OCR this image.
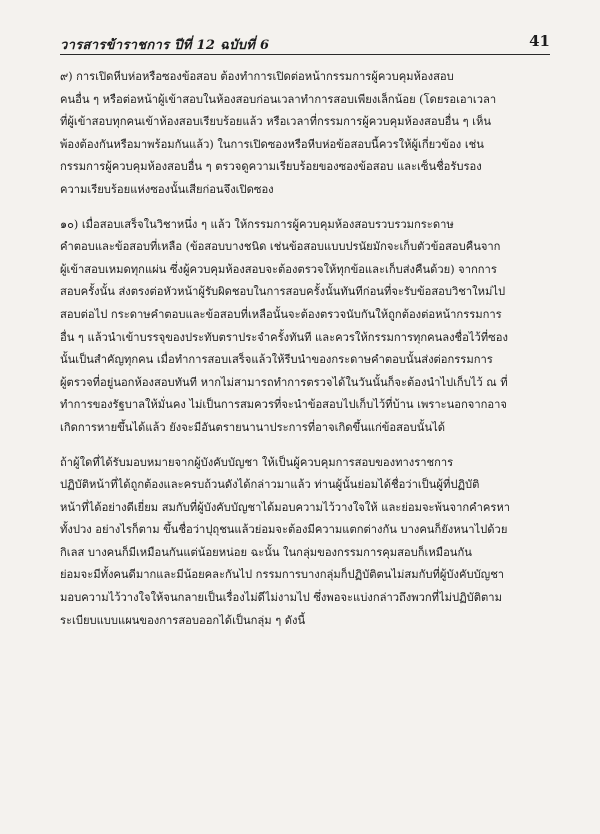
วารสารข้าราชการ ปีที่ 12 ฉบับที่ 6	41
๙) การเปิดหีบห่อหรือซองข้อสอบ ต้องทำการเปิดต่อหน้ากรรมการผู้ควบคุมห้องสอบ
คนอื่น ๆ หรือต่อหน้าผู้เข้าสอบในห้องสอบก่อนเวลาทำการสอบเพียงเล็กน้อย (โดยรอเอาเวลา
ที่ผู้เข้าสอบทุกคนเข้าห้องสอบเรียบร้อยแล้ว หรือเวลาที่กรรมการผู้ควบคุมห้องสอบอื่น ๆ เห็น
พ้องต้องกันหรือมาพร้อมกันแล้ว) ในการเปิดซองหรือหีบห่อข้อสอบนี้ควรให้ผู้เกี่ยวข้อง เช่น
กรรมการผู้ควบคุมห้องสอบอื่น ๆ ตรวจดูความเรียบร้อยของซองข้อสอบ และเซ็นชื่อรับรอง
ความเรียบร้อยแห่งซองนั้นเสียก่อนจึงเปิดซอง
๑๐) เมื่อสอบเสร็จในวิชาหนึ่ง ๆ แล้ว ให้กรรมการผู้ควบคุมห้องสอบรวบรวมกระดาษ
คำตอบและข้อสอบที่เหลือ (ข้อสอบบางชนิด เช่นข้อสอบแบบปรนัยมักจะเก็บตัวข้อสอบคืนจาก
ผู้เข้าสอบเหมดทุกแผ่น ซึ่งผู้ควบคุมห้องสอบจะต้องตรวจให้ทุกข้อและเก็บส่งคืนด้วย) จากการ
สอบครั้งนั้น ส่งตรงต่อหัวหน้าผู้รับผิดชอบในการสอบครั้งนั้นทันทีก่อนที่จะรับข้อสอบวิชาใหม่ไป
สอบต่อไป กระดาษคำตอบและข้อสอบที่เหลือนั้นจะต้องตรวจนับกันให้ถูกต้องต่อหน้ากรรมการ
อื่น ๆ แล้วนำเข้าบรรจุของประทับตราประจำครั้งทันที และควรให้กรรมการทุกคนลงชื่อไว้ที่ซอง
นั้นเป็นสำคัญทุกคน เมื่อทำการสอบเสร็จแล้วให้รีบนำของกระดาษคำตอบนั้นส่งต่อกรรมการ
ผู้ตรวจที่อยู่นอกห้องสอบทันที หากไม่สามารถทำการตรวจได้ในวันนั้นก็จะต้องนำไปเก็บไว้ ณ ที่
ทำการของรัฐบาลให้มั่นคง ไม่เป็นการสมควรที่จะนำข้อสอบไปเก็บไว้ที่บ้าน เพราะนอกจากอาจ
เกิดการหายขึ้นได้แล้ว ยังจะมีอันตรายนานาประการที่อาจเกิดขึ้นแก่ข้อสอบนั้นได้
ถ้าผู้ใดที่ได้รับมอบหมายจากผู้บังคับบัญชา ให้เป็นผู้ควบคุมการสอบของทางราชการ
ปฏิบัติหน้าที่ได้ถูกต้องและครบถ้วนดังได้กล่าวมาแล้ว ท่านผู้นั้นย่อมได้ชื่อว่าเป็นผู้ที่ปฏิบัติ
หน้าที่ได้อย่างดีเยี่ยม สมกับที่ผู้บังคับบัญชาได้มอบความไว้วางใจให้ และย่อมจะพ้นจากคำครหา
ทั้งปวง อย่างไรก็ตาม ขึ้นชื่อว่าปุถุชนแล้วย่อมจะต้องมีความแตกต่างกัน บางคนก็ยังหนาไปด้วย
กิเลส บางคนก็มีเหมือนกันแต่น้อยหน่อย ฉะนั้น ในกลุ่มของกรรมการคุมสอบก็เหมือนกัน
ย่อมจะมีทั้งคนดีมากและมีน้อยคละกันไป กรรมการบางกลุ่มก็ปฏิบัติตนไม่สมกับที่ผู้บังคับบัญชา
มอบความไว้วางใจให้จนกลายเป็นเรื่องไม่ดีไม่งามไป ซึ่งพอจะแบ่งกล่าวถึงพวกที่ไม่ปฏิบัติตาม
ระเบียบแบบแผนของการสอบออกได้เป็นกลุ่ม ๆ ดังนี้
